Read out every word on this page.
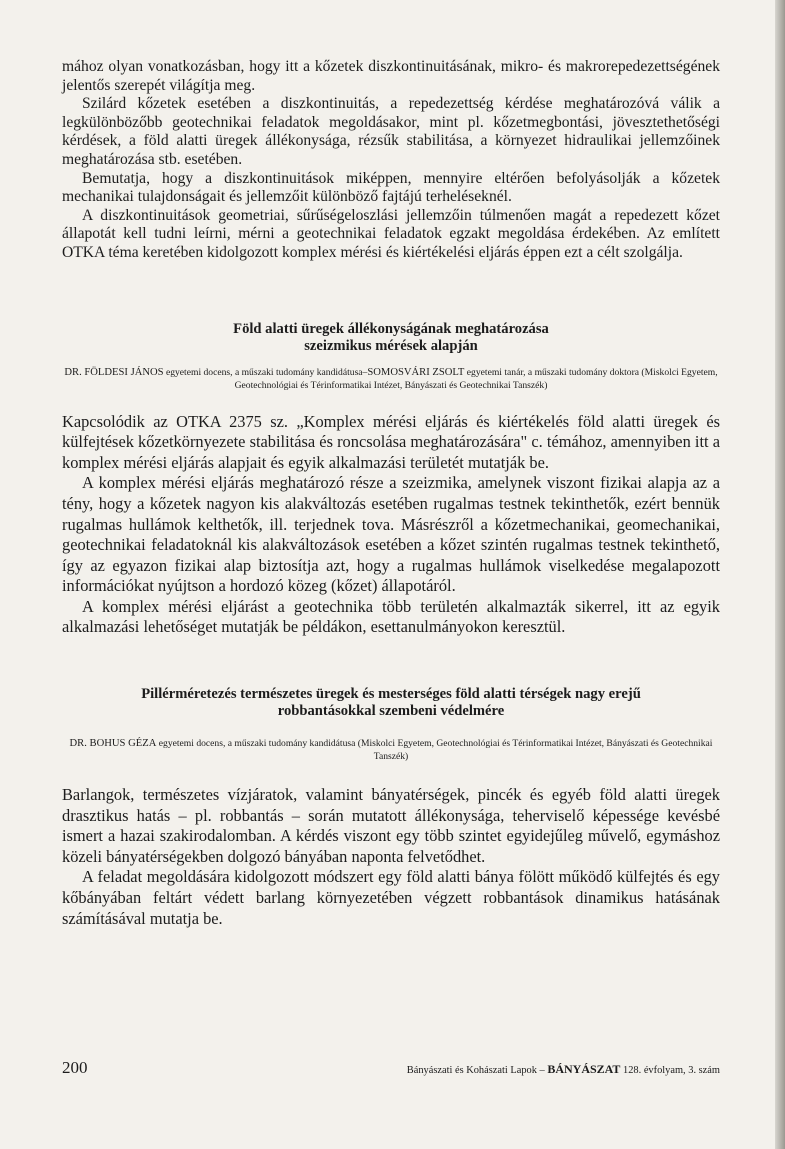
mához olyan vonatkozásban, hogy itt a kőzetek diszkontinuitásának, mikro- és makrorepedezettségének jelentős szerepét világítja meg.

Szilárd kőzetek esetében a diszkontinuitás, a repedezettség kérdése meghatározóvá válik a legkülönbözőbb geotechnikai feladatok megoldásakor, mint pl. kőzetmegbontási, jövesztethetőségi kérdések, a föld alatti üregek állékonysága, rézsűk stabilitása, a környezet hidraulikai jellemzőinek meghatározása stb. esetében.

Bemutatja, hogy a diszkontinuitások miképpen, mennyire eltérően befolyásolják a kőzetek mechanikai tulajdonságait és jellemzőit különböző fajtájú terheléseknél.

A diszkontinuitások geometriai, sűrűségeloszlási jellemzőin túlmenően magát a repedezett kőzet állapotát kell tudni leírni, mérni a geotechnikai feladatok egzakt megoldása érdekében. Az említett OTKA téma keretében kidolgozott komplex mérési és kiértékelési eljárás éppen ezt a célt szolgálja.

Föld alatti üregek állékonyságának meghatározása

szeizmikus mérések alapján

DR. FÖLDESI JÁNOS egyetemi docens, a műszaki tudomány kandidátusa–SOMOSVÁRI ZSOLT egyetemi tanár, a műszaki tudomány doktora (Miskolci Egyetem, Geotechnológiai és Térinformatikai Intézet, Bányászati és Geotechnikai Tanszék)

Kapcsolódik az OTKA 2375 sz. „Komplex mérési eljárás és kiértékelés föld alatti üregek és külfejtések kőzetkörnyezete stabilitása és roncsolása meghatározására" c. témához, amennyiben itt a komplex mérési eljárás alapjait és egyik alkalmazási területét mutatják be.

A komplex mérési eljárás meghatározó része a szeizmika, amelynek viszont fizikai alapja az a tény, hogy a kőzetek nagyon kis alakváltozás esetében rugalmas testnek tekinthetők, ezért bennük rugalmas hullámok kelthetők, ill. terjednek tova. Másrészről a kőzetmechanikai, geomechanikai, geotechnikai feladatoknál kis alakváltozások esetében a kőzet szintén rugalmas testnek tekinthető, így az egyazon fizikai alap biztosítja azt, hogy a rugalmas hullámok viselkedése megalapozott információkat nyújtson a hordozó közeg (kőzet) állapotáról.

A komplex mérési eljárást a geotechnika több területén alkalmazták sikerrel, itt az egyik alkalmazási lehetőséget mutatják be példákon, esettanulmányokon keresztül.

Pillérméretezés természetes üregek és mesterséges föld alatti térségek nagy erejű

robbantásokkal szembeni védelmére

DR. BOHUS GÉZA egyetemi docens, a műszaki tudomány kandidátusa (Miskolci Egyetem, Geotechnológiai és Térinformatikai Intézet, Bányászati és Geotechnikai Tanszék)

Barlangok, természetes vízjáratok, valamint bányatérségek, pincék és egyéb föld alatti üregek drasztikus hatás – pl. robbantás – során mutatott állékonysága, teherviselő képessége kevésbé ismert a hazai szakirodalomban. A kérdés viszont egy több szintet egyidejűleg művelő, egymáshoz közeli bányatérségekben dolgozó bányában naponta felvetődhet.

A feladat megoldására kidolgozott módszert egy föld alatti bánya fölött működő külfejtés és egy kőbányában feltárt védett barlang környezetében végzett robbantások dinamikus hatásának számításával mutatja be.

200	Bányászati és Kohászati Lapok – BÁNYÁSZAT 128. évfolyam, 3. szám
